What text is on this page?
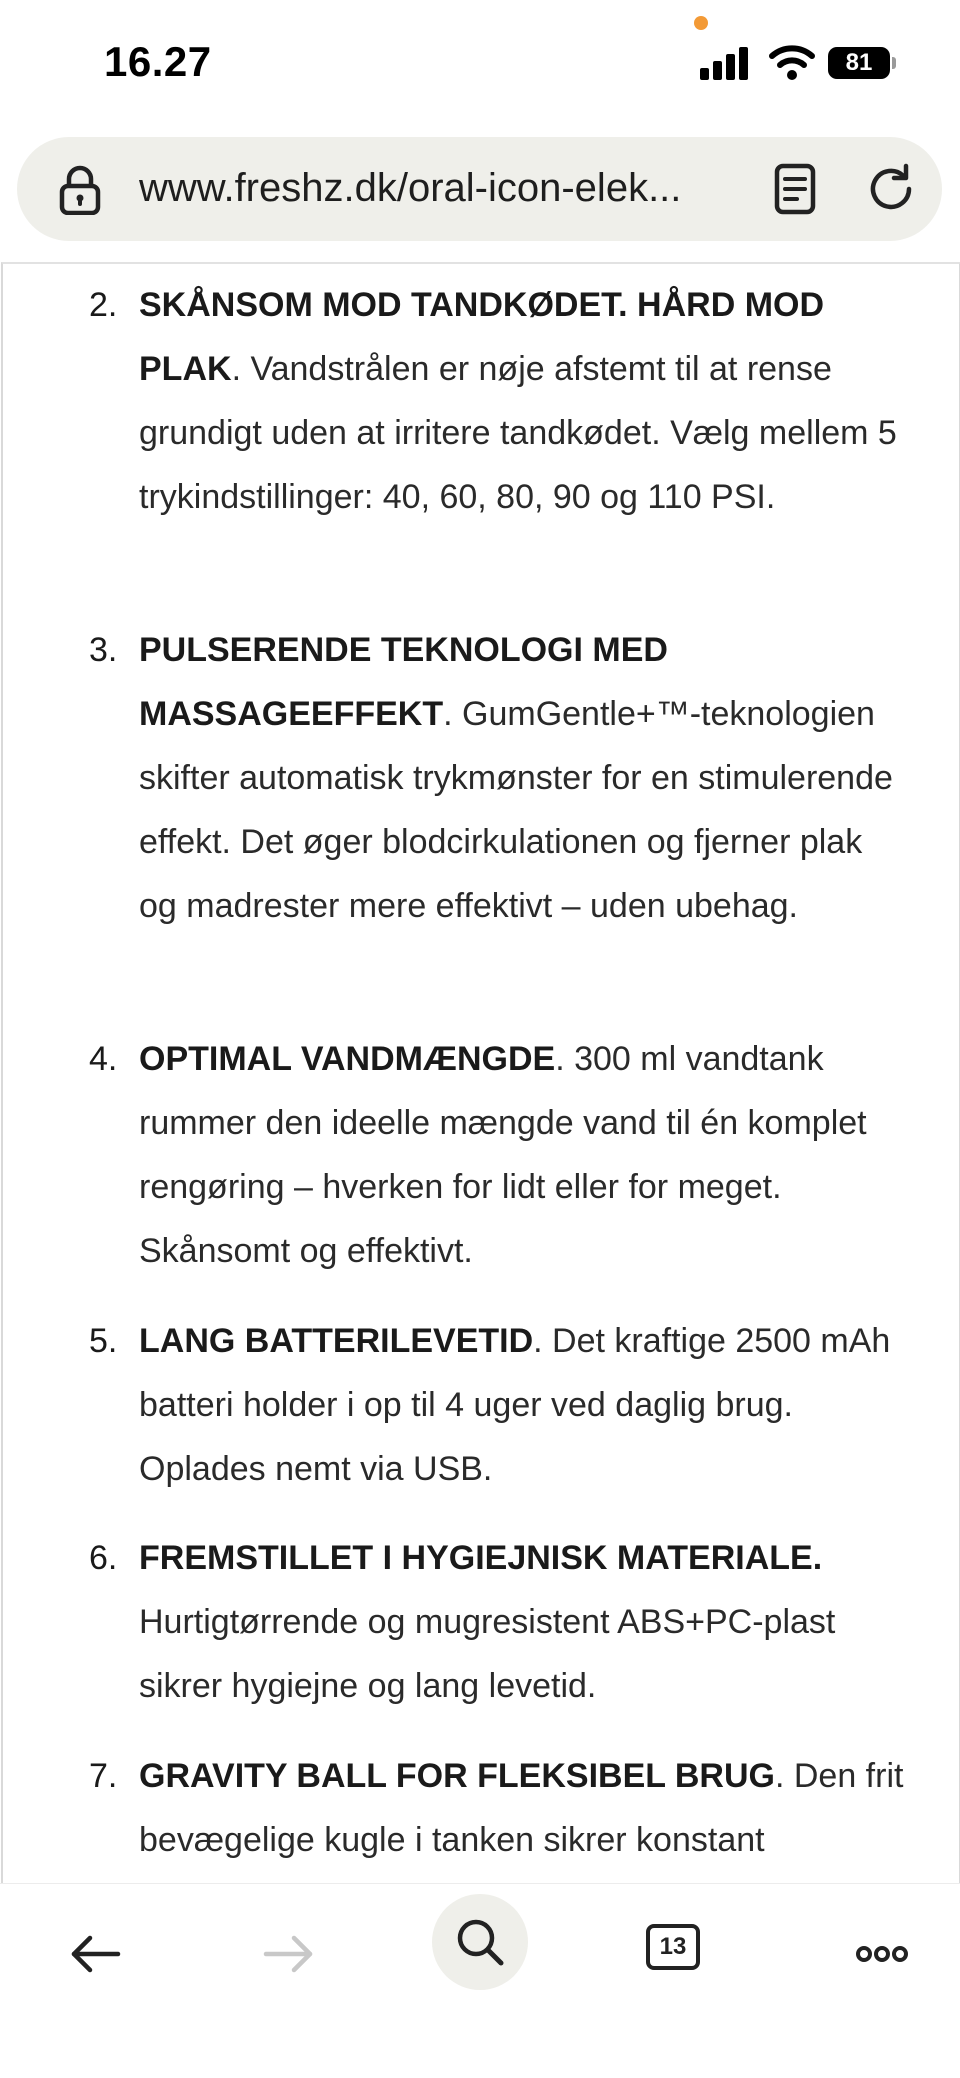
16.27	81
www.freshz.dk/oral-icon-elek...
2. SKÅNSOM MOD TANDKØDET. HÅRD MOD PLAK. Vandstrålen er nøje afstemt til at rense grundigt uden at irritere tandkødet. Vælg mellem 5 trykindstillinger: 40, 60, 80, 90 og 110 PSI.
3. PULSERENDE TEKNOLOGI MED MASSAGEEFFEKT. GumGentle+™-teknologien skifter automatisk trykmønster for en stimulerende effekt. Det øger blodcirkulationen og fjerner plak og madrester mere effektivt – uden ubehag.
4. OPTIMAL VANDMÆNGDE. 300 ml vandtank rummer den ideelle mængde vand til én komplet rengøring – hverken for lidt eller for meget. Skånsomt og effektivt.
5. LANG BATTERILEVETID. Det kraftige 2500 mAh batteri holder i op til 4 uger ved daglig brug. Oplades nemt via USB.
6. FREMSTILLET I HYGIEJNISK MATERIALE. Hurtigtørrende og mugresistent ABS+PC-plast sikrer hygiejne og lang levetid.
7. GRAVITY BALL FOR FLEKSIBEL BRUG. Den frit bevægelige kugle i tanken sikrer konstant
13
